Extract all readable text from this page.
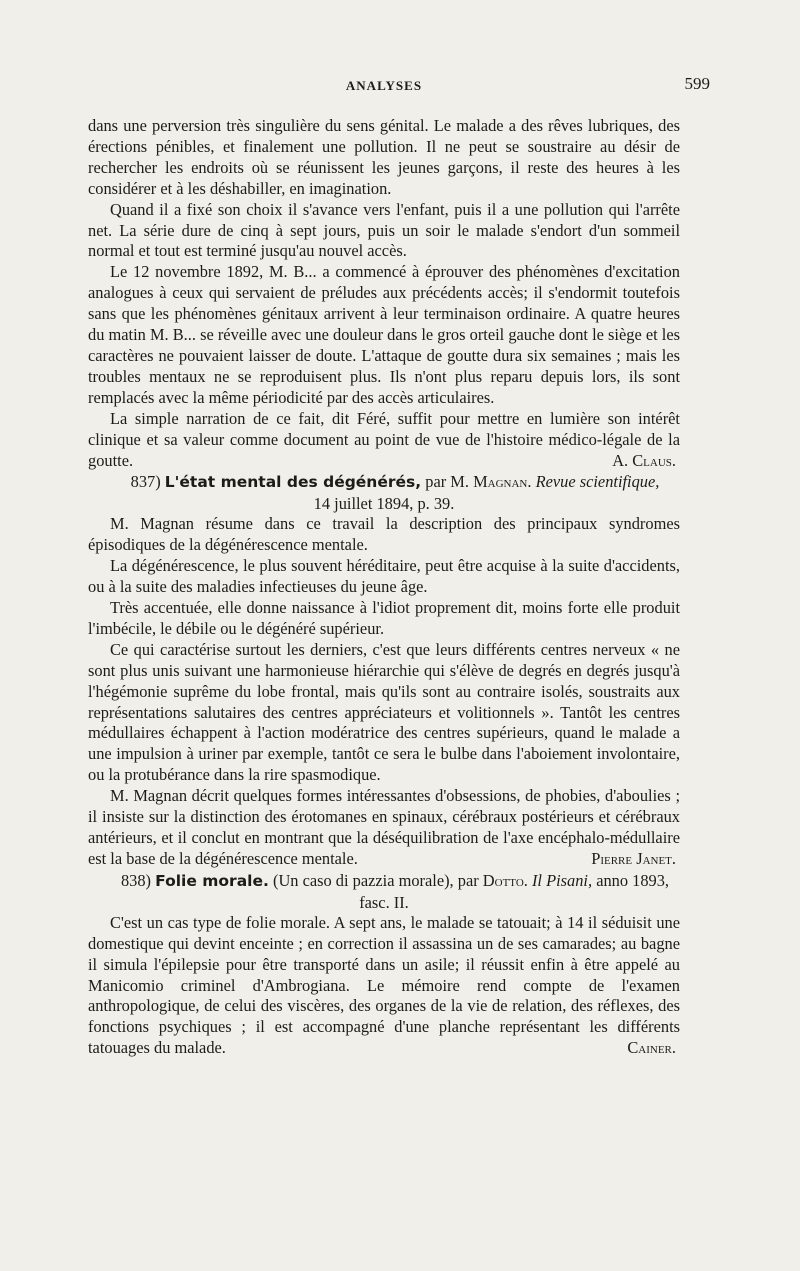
ANALYSES	599

dans une perversion très singulière du sens génital. Le malade a des rêves lubriques, des érections pénibles, et finalement une pollution. Il ne peut se soustraire au désir de rechercher les endroits où se réunissent les jeunes garçons, il reste des heures à les considérer et à les déshabiller, en imagination.

Quand il a fixé son choix il s'avance vers l'enfant, puis il a une pollution qui l'arrête net. La série dure de cinq à sept jours, puis un soir le malade s'endort d'un sommeil normal et tout est terminé jusqu'au nouvel accès.

Le 12 novembre 1892, M. B... a commencé à éprouver des phénomènes d'excitation analogues à ceux qui servaient de préludes aux précédents accès; il s'endormit toutefois sans que les phénomènes génitaux arrivent à leur terminaison ordinaire. A quatre heures du matin M. B... se réveille avec une douleur dans le gros orteil gauche dont le siège et les caractères ne pouvaient laisser de doute. L'attaque de goutte dura six semaines ; mais les troubles mentaux ne se reproduisent plus. Ils n'ont plus reparu depuis lors, ils sont remplacés avec la même périodicité par des accès articulaires.

La simple narration de ce fait, dit Féré, suffit pour mettre en lumière son intérêt clinique et sa valeur comme document au point de vue de l'histoire médico-légale de la goutte.	A. Claus.

837) L'état mental des dégénérés, par M. Magnan. Revue scientifique,
14 juillet 1894, p. 39.

M. Magnan résume dans ce travail la description des principaux syndromes épisodiques de la dégénérescence mentale.

La dégénérescence, le plus souvent héréditaire, peut être acquise à la suite d'accidents, ou à la suite des maladies infectieuses du jeune âge.

Très accentuée, elle donne naissance à l'idiot proprement dit, moins forte elle produit l'imbécile, le débile ou le dégénéré supérieur.

Ce qui caractérise surtout les derniers, c'est que leurs différents centres nerveux « ne sont plus unis suivant une harmonieuse hiérarchie qui s'élève de degrés en degrés jusqu'à l'hégémonie suprême du lobe frontal, mais qu'ils sont au contraire isolés, soustraits aux représentations salutaires des centres appréciateurs et volitionnels ». Tantôt les centres médullaires échappent à l'action modératrice des centres supérieurs, quand le malade a une impulsion à uriner par exemple, tantôt ce sera le bulbe dans l'aboiement involontaire, ou la protubérance dans la rire spasmodique.

M. Magnan décrit quelques formes intéressantes d'obsessions, de phobies, d'aboulies ; il insiste sur la distinction des érotomanes en spinaux, cérébraux postérieurs et cérébraux antérieurs, et il conclut en montrant que la déséquilibration de l'axe encéphalo-médullaire est la base de la dégénérescence mentale.	Pierre Janet.

838) Folie morale. (Un caso di pazzia morale), par Dotto. Il Pisani, anno 1893, fasc. II.

C'est un cas type de folie morale. A sept ans, le malade se tatouait; à 14 il séduisit une domestique qui devint enceinte ; en correction il assassina un de ses camarades; au bagne il simula l'épilepsie pour être transporté dans un asile; il réussit enfin à être appelé au Manicomio criminel d'Ambrogiana. Le mémoire rend compte de l'examen anthropologique, de celui des viscères, des organes de la vie de relation, des réflexes, des fonctions psychiques ; il est accompagné d'une planche représentant les différents tatouages du malade.	Cainer.
